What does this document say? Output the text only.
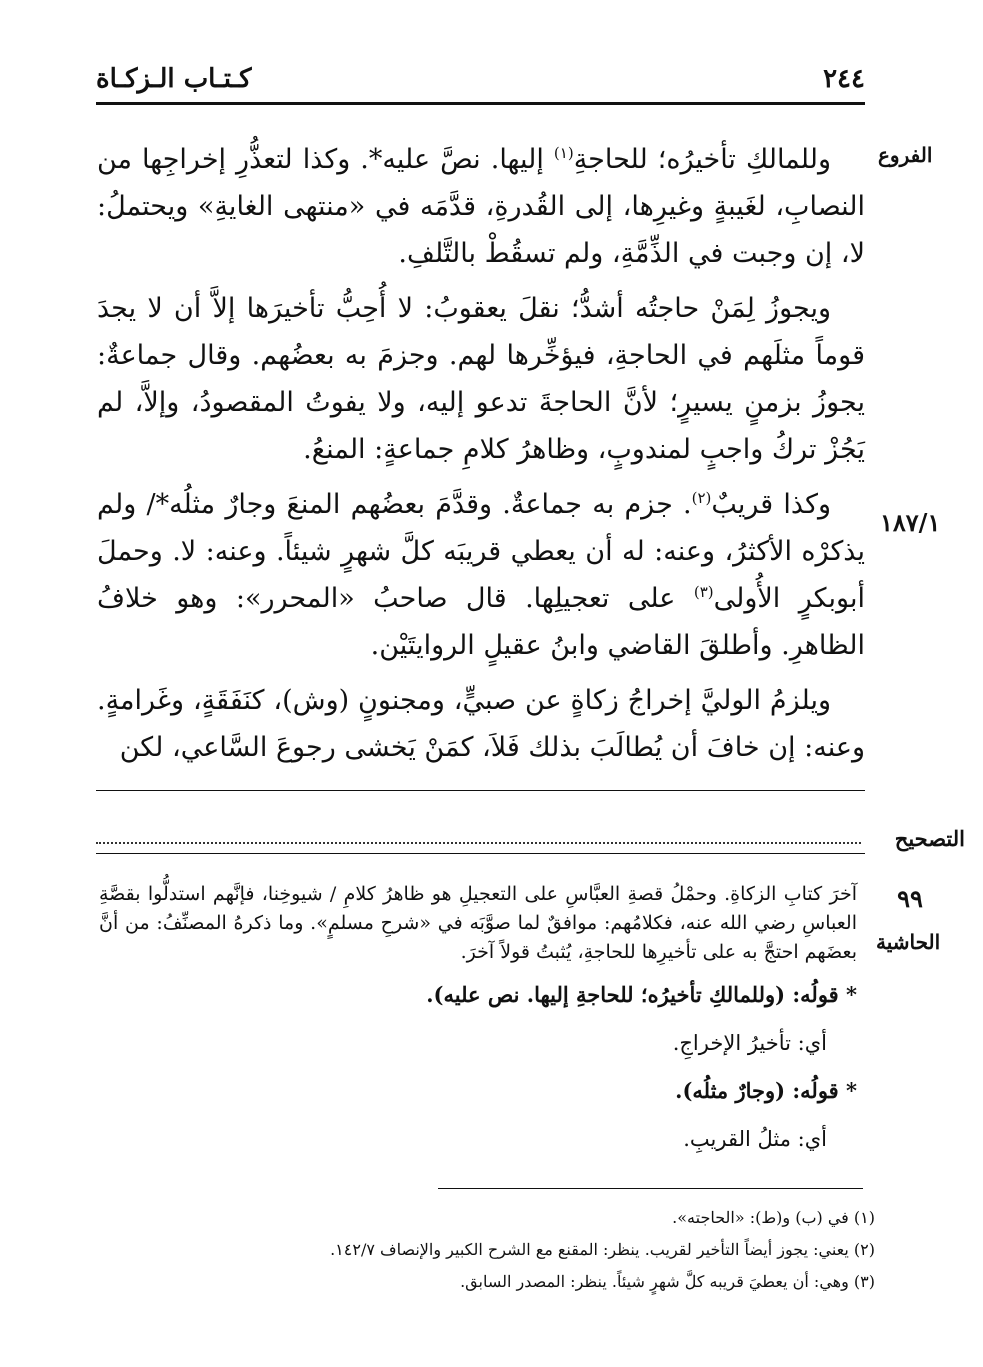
كـتـاب الـزكـاة	٢٤٤
الفروع
١٨٧/١

وللمالكِ تأخيرُه؛ للحاجةِ$^{(١)}$ إليها. نصَّ عليه*. وكذا لتعذُّرِ إخراجِها من النصابِ، لغَيبةٍ وغيرِها، إلى القُدرةِ، قدَّمَه في «منتهى الغايةِ» ويحتملُ: لا، إن وجبت في الذِّمَّةِ، ولم تسقُطْ بالتَّلفِ.

ويجوزُ لِمَنْ حاجتُه أشدُّ؛ نقلَ يعقوبُ: لا أُحِبُّ تأخيرَها إلاَّ أن لا يجدَ قوماً مثلَهم في الحاجةِ، فيؤخِّرها لهم. وجزمَ به بعضُهم. وقال جماعةٌ: يجوزُ بزمنٍ يسيرٍ؛ لأنَّ الحاجةَ تدعو إليه، ولا يفوتُ المقصودُ، وإلاَّ، لم يَجُزْ تركُ واجبٍ لمندوبٍ، وظاهرُ كلامِ جماعةٍ: المنعُ.

وكذا قريبٌ$^{(٢)}$. جزم به جماعةٌ. وقدَّمَ بعضُهم المنعَ وجارٌ مثلُه*/ ولم يذكرْه الأكثرُ، وعنه: له أن يعطي قريبَه كلَّ شهرٍ شيئاً. وعنه: لا. وحملَ أبوبكرٍ الأُولى$^{(٣)}$ على تعجيلِها. قال صاحبُ «المحرر»: وهو خلافُ الظاهرِ. وأطلقَ القاضي وابنُ عقيلٍ الروايتَيْن.

ويلزمُ الوليَّ إخراجُ زكاةٍ عن صبيٍّ، ومجنونٍ (وش)، كنَفَقَةٍ، وغَرامةٍ. وعنه: إن خافَ أن يُطالَبَ بذلك فَلاَ، كمَنْ يَخشى رجوعَ السَّاعي، لكن

التصحيح
٩٩
الحاشية

آخرَ كتابِ الزكاةِ. وحمْلُ قصةِ العبَّاسِ على التعجيلِ هو ظاهرُ كلامِ / شيوخِنا، فإنَّهم استدلُّوا بقصَّةِ العباسِ رضي الله عنه، فكلامُهم: موافقٌ لما صوَّبَه في «شرحِ مسلمٍ». وما ذكرهُ المصنِّفُ: من أنَّ بعضَهم احتجَّ به على تأخيرِها للحاجةِ، يُثبتُ قولاً آخرَ.

* قولُه: (وللمالكِ تأخيرُه؛ للحاجةِ إليها. نص عليه).

أي: تأخيرُ الإخراجِ.

* قولُه: (وجارٌ مثلُه).

أي: مثلُ القريبِ.

(١) في (ب) و(ط): «الحاجته».
(٢) يعني: يجوز أيضاً التأخير لقريب. ينظر: المقنع مع الشرح الكبير والإنصاف ١٤٢/٧.
(٣) وهي: أن يعطيَ قريبه كلَّ شهرٍ شيئاً. ينظر: المصدر السابق.
